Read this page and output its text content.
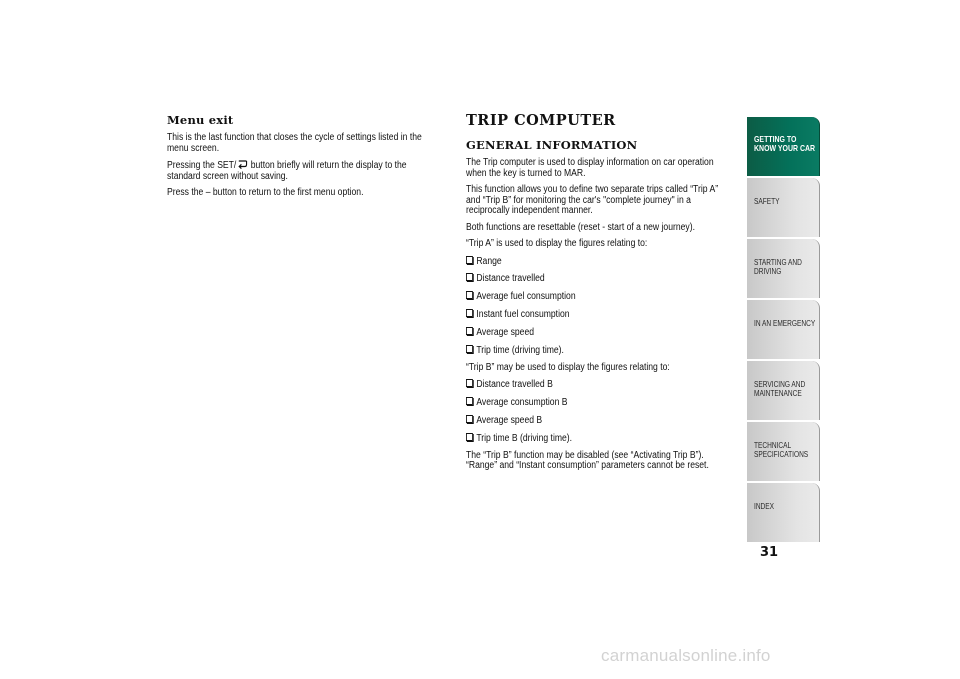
Menu exit

This is the last function that closes the cycle of settings listed in the menu screen.

Pressing the SET/ button briefly will return the display to the standard screen without saving.

Press the – button to return to the first menu option.

TRIP COMPUTER
GENERAL INFORMATION

The Trip computer is used to display information on car operation when the key is turned to MAR.

This function allows you to define two separate trips called “Trip A” and “Trip B” for monitoring the car's "complete journey" in a reciprocally independent manner.

Both functions are resettable (reset - start of a new journey).

“Trip A” is used to display the figures relating to:

Range

Distance travelled

Average fuel consumption

Instant fuel consumption

Average speed

Trip time (driving time).

“Trip B” may be used to display the figures relating to:

Distance travelled B

Average consumption B

Average speed B

Trip time B (driving time).

The “Trip B” function may be disabled (see “Activating Trip B”). “Range” and “Instant consumption” parameters cannot be reset.

GETTING TO KNOW YOUR CAR
SAFETY
STARTING AND DRIVING
IN AN EMERGENCY
SERVICING AND MAINTENANCE
TECHNICAL SPECIFICATIONS
INDEX
31
carmanualsonline.info
